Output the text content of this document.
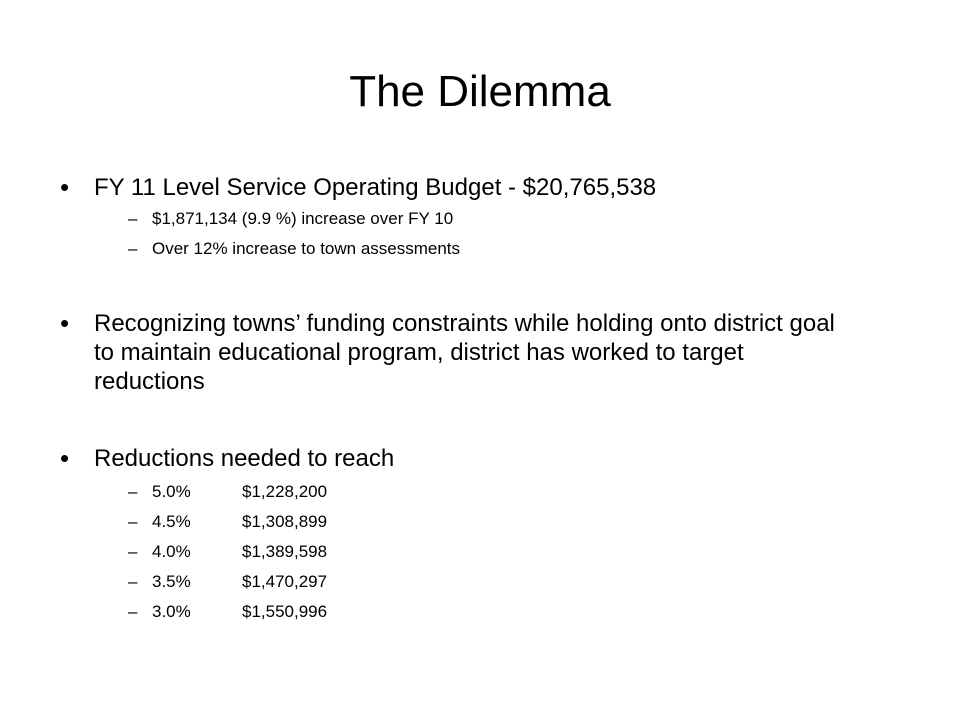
The Dilemma
•	FY 11 Level Service Operating Budget - $20,765,538
– $1,871,134 (9.9 %) increase over FY 10
– Over 12% increase to town assessments
•	Recognizing towns’ funding constraints while holding onto district goal to maintain educational program, district has worked to target reductions
•	Reductions needed to reach
– 5.0%	$1,228,200
– 4.5%	$1,308,899
– 4.0%	$1,389,598
– 3.5%	$1,470,297
– 3.0%	$1,550,996
